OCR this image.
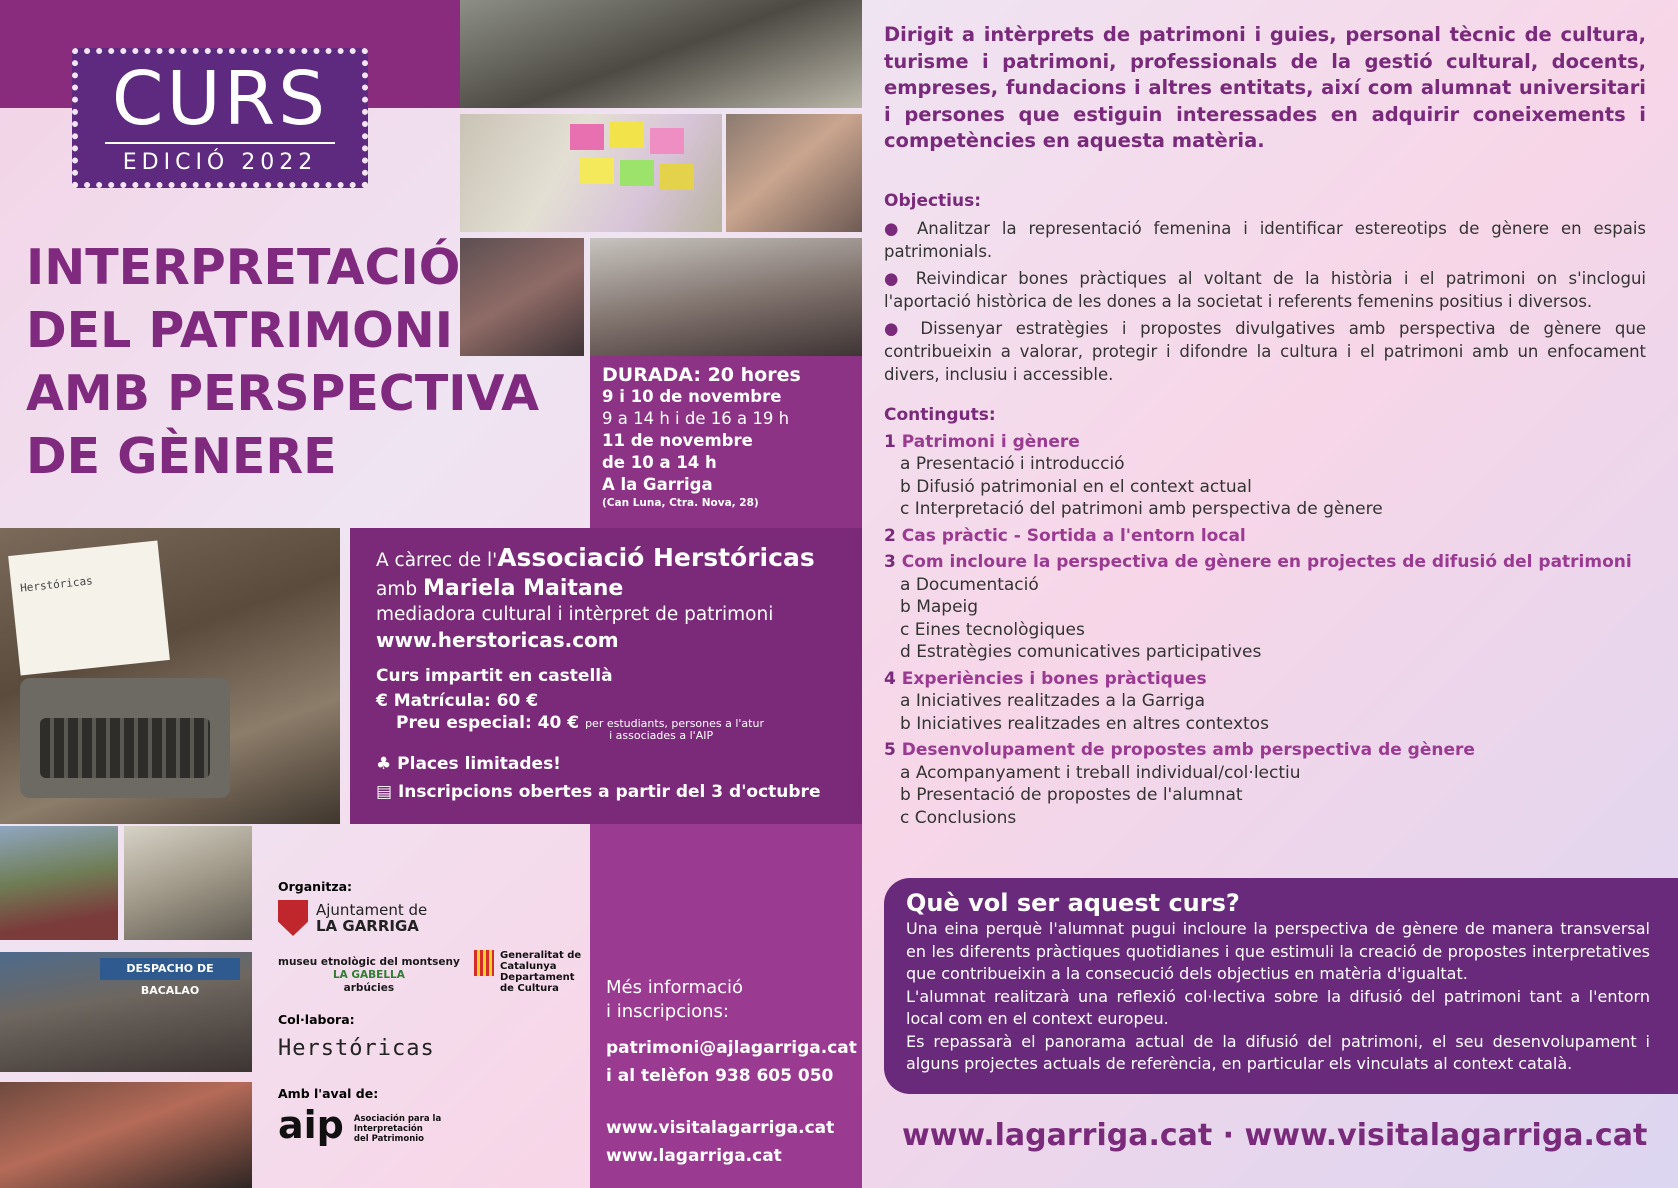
CURS
EDICIÓ 2022
INTERPRETACIÓ
DEL PATRIMONI
AMB PERSPECTIVA
DE GÈNERE
DURADA: 20 hores
9 i 10 de novembre
9 a 14 h i de 16 a 19 h
11 de novembre
de 10 a 14 h
A la Garriga
(Can Luna, Ctra. Nova, 28)
Herstóricas
A càrrec de l'Associació Herstóricas
amb Mariela Maitane
mediadora cultural i intèrpret de patrimoni
www.herstoricas.com
Curs impartit en castellà
€ Matrícula: 60 €
Preu especial: 40 € per estudiants, persones a l'atur
i associades a l'AIP
♣ Places limitades!
▤ Inscripcions obertes a partir del 3 d'octubre
DESPACHO DE BACALAO
Organitza:
Ajuntament de
LA GARRIGA
museu etnològic del montseny
LA GABELLA
arbúcies
Generalitat de
Catalunya
Departament
de Cultura
Col·labora:
Herstóricas
Amb l'aval de:
aip Asociación para la
Interpretación
del Patrimonio
Més informació
i inscripcions:
patrimoni@ajlagarriga.cat
i al telèfon 938 605 050
www.visitalagarriga.cat
www.lagarriga.cat
Dirigit a intèrprets de patrimoni i guies, personal tècnic de cultura, turisme i patrimoni, professionals de la gestió cultural, docents, empreses, fundacions i altres entitats, així com alumnat universitari i persones que estiguin interessades en adquirir coneixements i competències en aquesta matèria.
Objectius:
● Analitzar la representació femenina i identificar estereotips de gènere en espais patrimonials.
● Reivindicar bones pràctiques al voltant de la història i el patrimoni on s'inclogui l'aportació històrica de les dones a la societat i referents femenins positius i diversos.
● Dissenyar estratègies i propostes divulgatives amb perspectiva de gènere que contribueixin a valorar, protegir i difondre la cultura i el patrimoni amb un enfocament divers, inclusiu i accessible.
Continguts:
1 Patrimoni i gènere
a Presentació i introducció
b Difusió patrimonial en el context actual
c Interpretació del patrimoni amb perspectiva de gènere
2 Cas pràctic - Sortida a l'entorn local
3 Com incloure la perspectiva de gènere en projectes de difusió del patrimoni
a Documentació
b Mapeig
c Eines tecnològiques
d Estratègies comunicatives participatives
4 Experiències i bones pràctiques
a Iniciatives realitzades a la Garriga
b Iniciatives realitzades en altres contextos
5 Desenvolupament de propostes amb perspectiva de gènere
a Acompanyament i treball individual/col·lectiu
b Presentació de propostes de l'alumnat
c Conclusions
Què vol ser aquest curs?

Una eina perquè l'alumnat pugui incloure la perspectiva de gènere de manera transversal en les diferents pràctiques quotidianes i que estimuli la creació de propostes interpretatives que contribueixin a la consecució dels objectius en matèria d'igualtat.

L'alumnat realitzarà una reflexió col·lectiva sobre la difusió del patrimoni tant a l'entorn local com en el context europeu.

Es repassarà el panorama actual de la difusió del patrimoni, el seu desenvolupament i alguns projectes actuals de referència, en particular els vinculats al context català.

www.lagarriga.cat · www.visitalagarriga.cat
